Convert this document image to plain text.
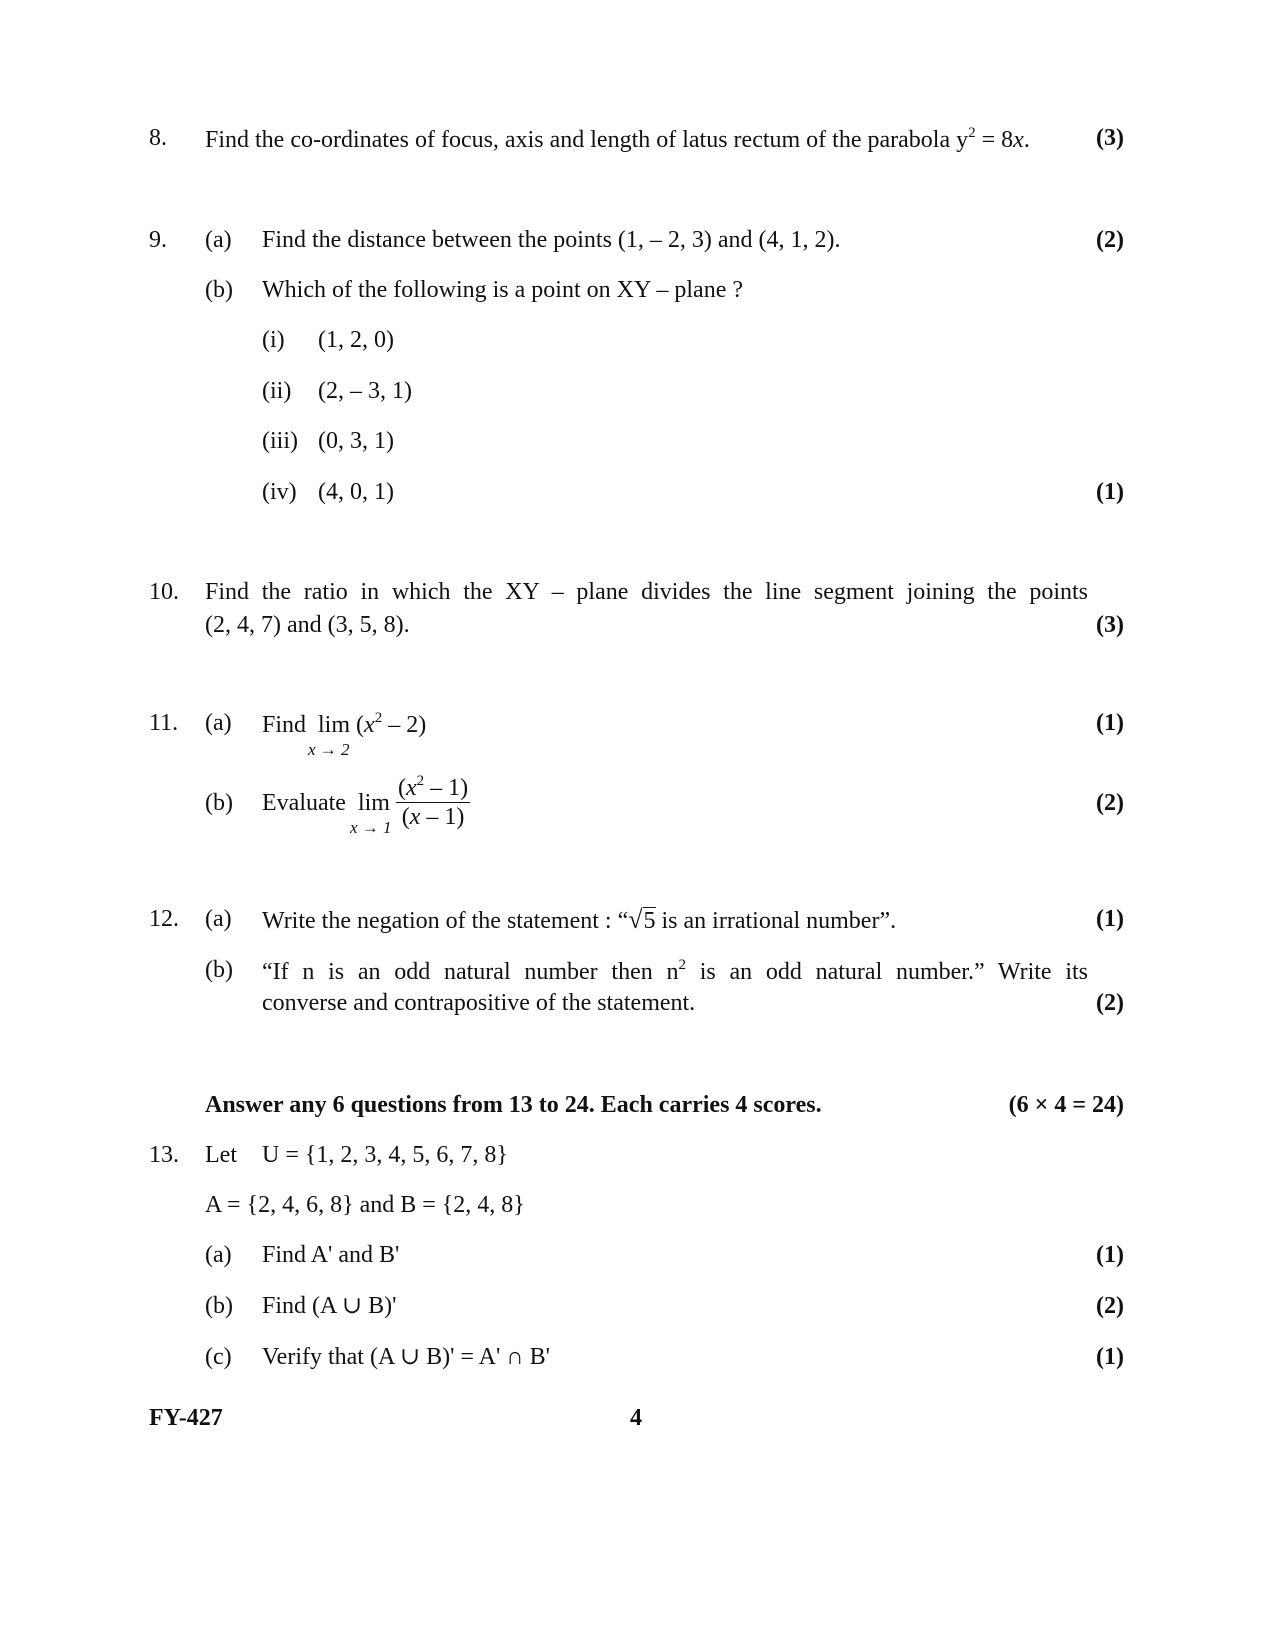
8. Find the co-ordinates of focus, axis and length of latus rectum of the parabola $y^2 = 8x$.	(3)
9. (a) Find the distance between the points (1, – 2, 3) and (4, 1, 2).	(2)
(b) Which of the following is a point on XY – plane ?
(i) (1, 2, 0)
(ii) (2, – 3, 1)
(iii) (0, 3, 1)
(iv) (4, 0, 1)	(1)
10. Find the ratio in which the XY – plane divides the line segment joining the points
(2, 4, 7) and (3, 5, 8).	(3)
11. (a) Find lim
x → 2
$(x^2 - 2)$	(1)
(b) Evaluate lim
$x \to 1 \frac{(x^2 - 1)}{(x - 1)}$	(2)
12. (a) Write the negation of the statement : “√5 is an irrational number”.	(1)
(b) “If n is an odd natural number then $n^2$ is an odd natural number.” Write its
converse and contrapositive of the statement.	(2)
Answer any 6 questions from 13 to 24. Each carries 4 scores.	(6 × 4 = 24)
13. Let U = {1, 2, 3, 4, 5, 6, 7, 8}
A = {2, 4, 6, 8} and B = {2, 4, 8}
(a) Find A' and B'	(1)
(b) Find (A ∪ B)'	(2)
(c) Verify that (A ∪ B)' = A' ∩ B'	(1)
FY-427	4
